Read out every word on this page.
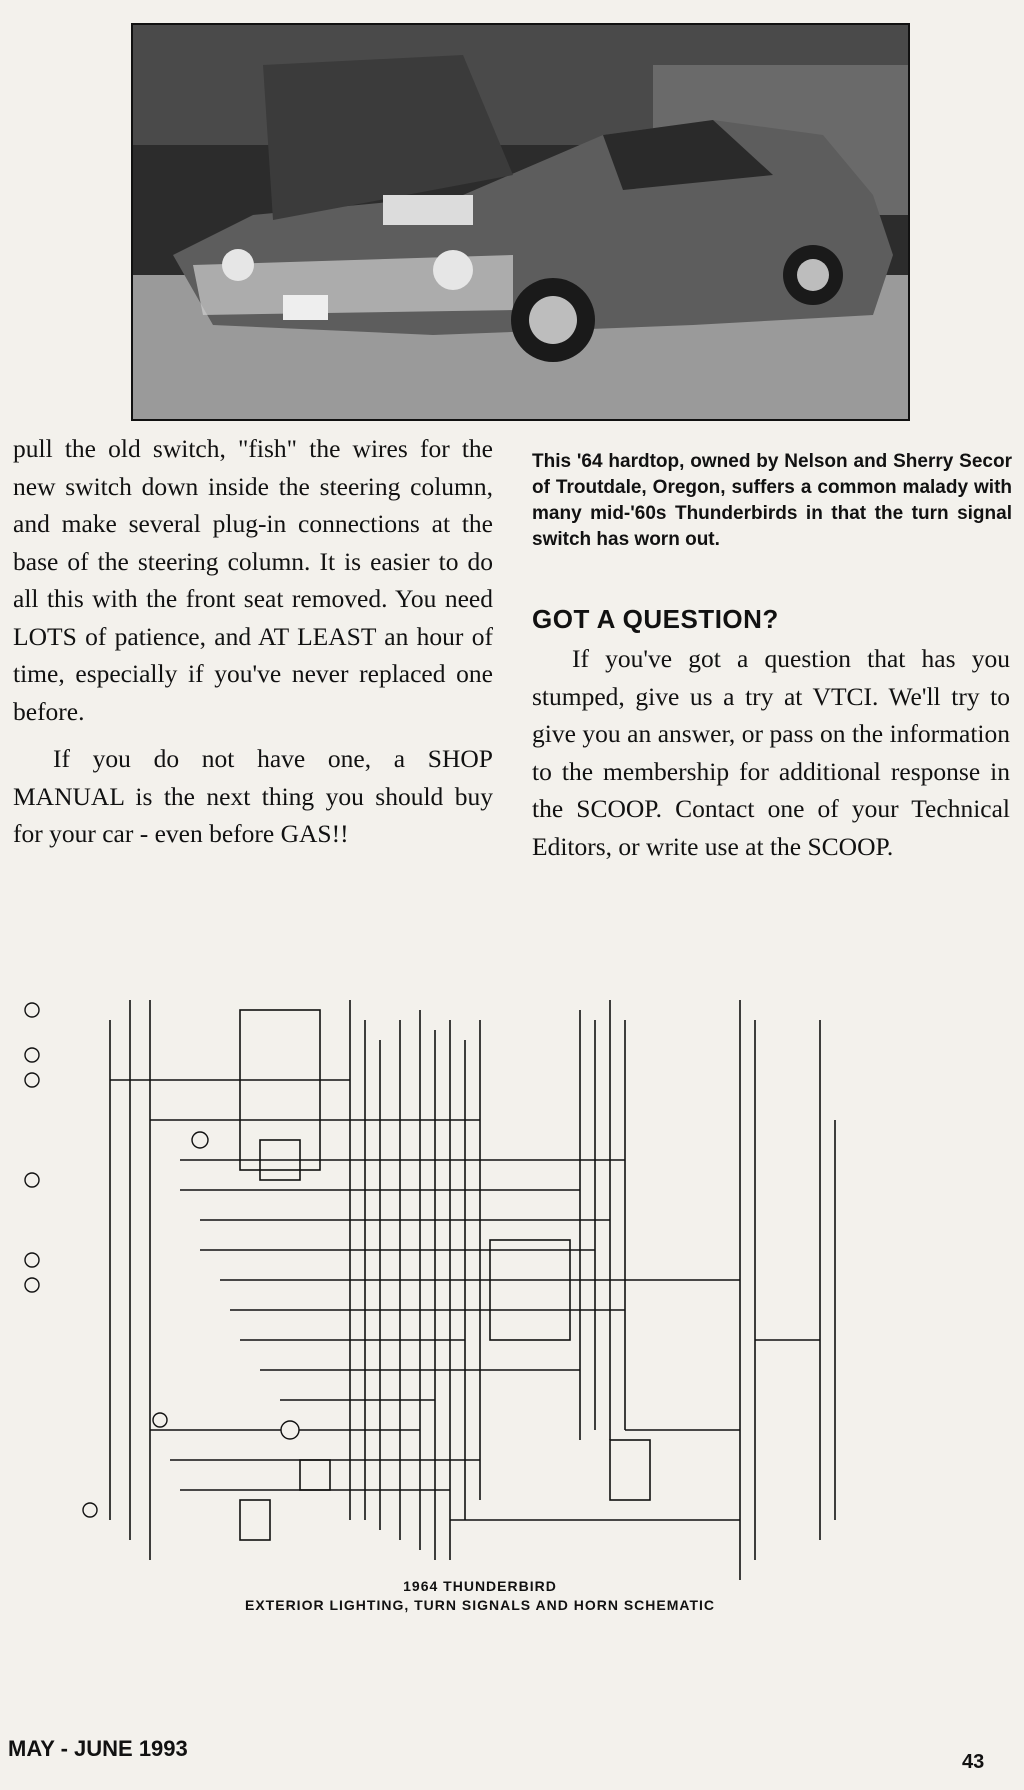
pull the old switch, "fish" the wires for the new switch down inside the steering column, and make several plug-in connections at the base of the steering column. It is easier to do all this with the front seat removed. You need LOTS of patience, and AT LEAST an hour of time, especially if you've never replaced one before.

If you do not have one, a SHOP MANUAL is the next thing you should buy for your car - even before GAS!!

This '64 hardtop, owned by Nelson and Sherry Secor of Troutdale, Oregon, suffers a common malady with many mid-'60s Thunderbirds in that the turn signal switch has worn out.
GOT A QUESTION?

If you've got a question that has you stumped, give us a try at VTCI. We'll try to give you an answer, or pass on the information to the membership for additional response in the SCOOP. Contact one of your Technical Editors, or write use at the SCOOP.

1964 THUNDERBIRD
EXTERIOR LIGHTING, TURN SIGNALS AND HORN SCHEMATIC
MAY - JUNE 1993
43
